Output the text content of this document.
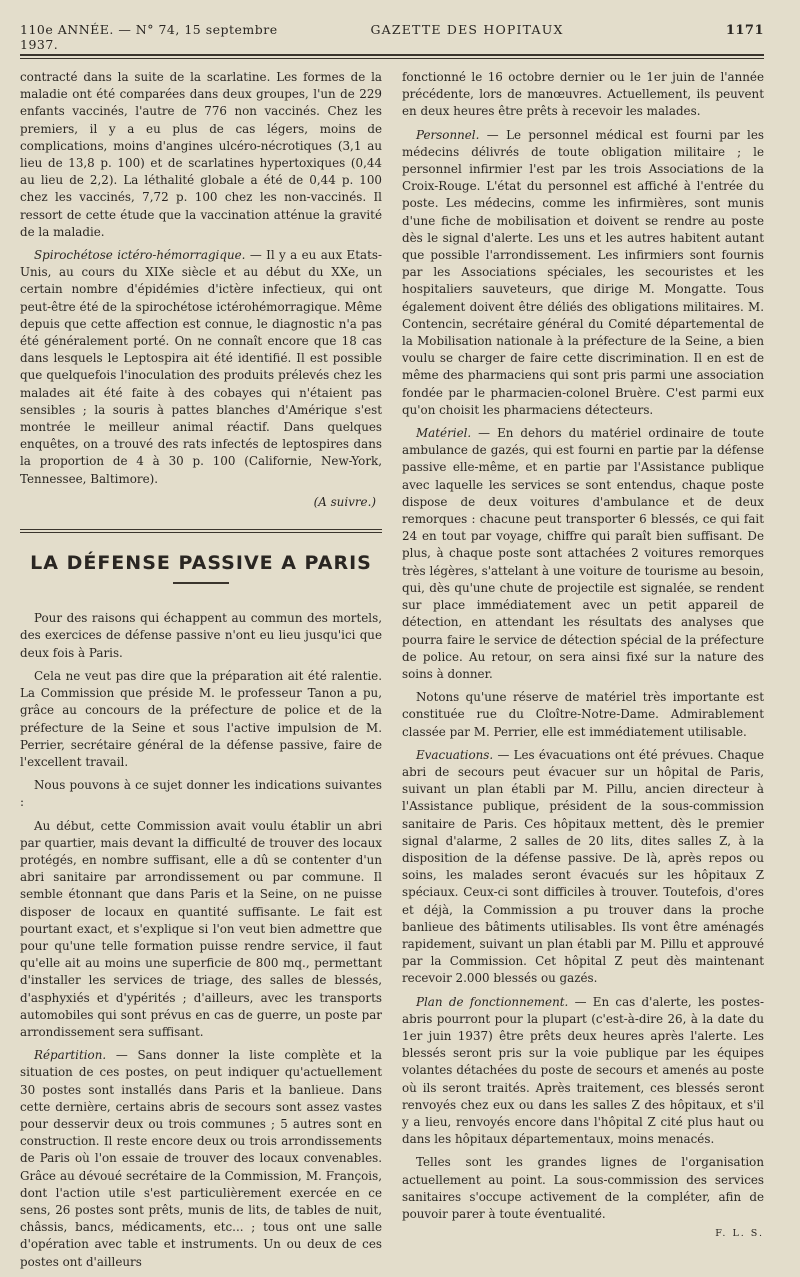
110e ANNÉE. — N° 74, 15 septembre 1937.
GAZETTE DES HOPITAUX	1171

contracté dans la suite de la scarlatine. Les formes de la maladie ont été comparées dans deux groupes, l'un de 229 enfants vaccinés, l'autre de 776 non vaccinés. Chez les premiers, il y a eu plus de cas légers, moins de complications, moins d'angines ulcéro-nécrotiques (3,1 au lieu de 13,8 p. 100) et de scarlatines hypertoxiques (0,44 au lieu de 2,2). La léthalité globale a été de 0,44 p. 100 chez les vaccinés, 7,72 p. 100 chez les non-vaccinés. Il ressort de cette étude que la vaccination atténue la gravité de la maladie.

Spirochétose ictéro-hémorragique. — Il y a eu aux Etats-Unis, au cours du XIXe siècle et au début du XXe, un certain nombre d'épidémies d'ictère infectieux, qui ont peut-être été de la spirochétose ictérohémorragique. Même depuis que cette affection est connue, le diagnostic n'a pas été généralement porté. On ne connaît encore que 18 cas dans lesquels le Leptospira ait été identifié. Il est possible que quelquefois l'inoculation des produits prélevés chez les malades ait été faite à des cobayes qui n'étaient pas sensibles ; la souris à pattes blanches d'Amérique s'est montrée le meilleur animal réactif. Dans quelques enquêtes, on a trouvé des rats infectés de leptospires dans la proportion de 4 à 30 p. 100 (Californie, New-York, Tennessee, Baltimore).

(A suivre.)
LA DÉFENSE PASSIVE A PARIS

Pour des raisons qui échappent au commun des mortels, des exercices de défense passive n'ont eu lieu jusqu'ici que deux fois à Paris.

Cela ne veut pas dire que la préparation ait été ralentie. La Commission que préside M. le professeur Tanon a pu, grâce au concours de la préfecture de police et de la préfecture de la Seine et sous l'active impulsion de M. Perrier, secrétaire général de la défense passive, faire de l'excellent travail.

Nous pouvons à ce sujet donner les indications suivantes :

Au début, cette Commission avait voulu établir un abri par quartier, mais devant la difficulté de trouver des locaux protégés, en nombre suffisant, elle a dû se contenter d'un abri sanitaire par arrondissement ou par commune. Il semble étonnant que dans Paris et la Seine, on ne puisse disposer de locaux en quantité suffisante. Le fait est pourtant exact, et s'explique si l'on veut bien admettre que pour qu'une telle formation puisse rendre service, il faut qu'elle ait au moins une superficie de 800 mq., permettant d'installer les services de triage, des salles de blessés, d'asphyxiés et d'ypérités ; d'ailleurs, avec les transports automobiles qui sont prévus en cas de guerre, un poste par arrondissement sera suffisant.

Répartition. — Sans donner la liste complète et la situation de ces postes, on peut indiquer qu'actuellement 30 postes sont installés dans Paris et la banlieue. Dans cette dernière, certains abris de secours sont assez vastes pour desservir deux ou trois communes ; 5 autres sont en construction. Il reste encore deux ou trois arrondissements de Paris où l'on essaie de trouver des locaux convenables. Grâce au dévoué secrétaire de la Commission, M. François, dont l'action utile s'est particulièrement exercée en ce sens, 26 postes sont prêts, munis de lits, de tables de nuit, châssis, bancs, médicaments, etc... ; tous ont une salle d'opération avec table et instruments. Un ou deux de ces postes ont d'ailleurs

fonctionné le 16 octobre dernier ou le 1er juin de l'année précédente, lors de manœuvres. Actuellement, ils peuvent en deux heures être prêts à recevoir les malades.

Personnel. — Le personnel médical est fourni par les médecins délivrés de toute obligation militaire ; le personnel infirmier l'est par les trois Associations de la Croix-Rouge. L'état du personnel est affiché à l'entrée du poste. Les médecins, comme les infirmières, sont munis d'une fiche de mobilisation et doivent se rendre au poste dès le signal d'alerte. Les uns et les autres habitent autant que possible l'arrondissement. Les infirmiers sont fournis par les Associations spéciales, les secouristes et les hospitaliers sauveteurs, que dirige M. Mongatte. Tous également doivent être déliés des obligations militaires. M. Contencin, secrétaire général du Comité départemental de la Mobilisation nationale à la préfecture de la Seine, a bien voulu se charger de faire cette discrimination. Il en est de même des pharmaciens qui sont pris parmi une association fondée par le pharmacien-colonel Bruère. C'est parmi eux qu'on choisit les pharmaciens détecteurs.

Matériel. — En dehors du matériel ordinaire de toute ambulance de gazés, qui est fourni en partie par la défense passive elle-même, et en partie par l'Assistance publique avec laquelle les services se sont entendus, chaque poste dispose de deux voitures d'ambulance et de deux remorques : chacune peut transporter 6 blessés, ce qui fait 24 en tout par voyage, chiffre qui paraît bien suffisant. De plus, à chaque poste sont attachées 2 voitures remorques très légères, s'attelant à une voiture de tourisme au besoin, qui, dès qu'une chute de projectile est signalée, se rendent sur place immédiatement avec un petit appareil de détection, en attendant les résultats des analyses que pourra faire le service de détection spécial de la préfecture de police. Au retour, on sera ainsi fixé sur la nature des soins à donner.

Notons qu'une réserve de matériel très importante est constituée rue du Cloître-Notre-Dame. Admirablement classée par M. Perrier, elle est immédiatement utilisable.

Evacuations. — Les évacuations ont été prévues. Chaque abri de secours peut évacuer sur un hôpital de Paris, suivant un plan établi par M. Pillu, ancien directeur à l'Assistance publique, président de la sous-commission sanitaire de Paris. Ces hôpitaux mettent, dès le premier signal d'alarme, 2 salles de 20 lits, dites salles Z, à la disposition de la défense passive. De là, après repos ou soins, les malades seront évacués sur les hôpitaux Z spéciaux. Ceux-ci sont difficiles à trouver. Toutefois, d'ores et déjà, la Commission a pu trouver dans la proche banlieue des bâtiments utilisables. Ils vont être aménagés rapidement, suivant un plan établi par M. Pillu et approuvé par la Commission. Cet hôpital Z peut dès maintenant recevoir 2.000 blessés ou gazés.

Plan de fonctionnement. — En cas d'alerte, les postes-abris pourront pour la plupart (c'est-à-dire 26, à la date du 1er juin 1937) être prêts deux heures après l'alerte. Les blessés seront pris sur la voie publique par les équipes volantes détachées du poste de secours et amenés au poste où ils seront traités. Après traitement, ces blessés seront renvoyés chez eux ou dans les salles Z des hôpitaux, et s'il y a lieu, renvoyés encore dans l'hôpital Z cité plus haut ou dans les hôpitaux départementaux, moins menacés.

Telles sont les grandes lignes de l'organisation actuellement au point. La sous-commission des services sanitaires s'occupe activement de la compléter, afin de pouvoir parer à toute éventualité.

F. L. S.
